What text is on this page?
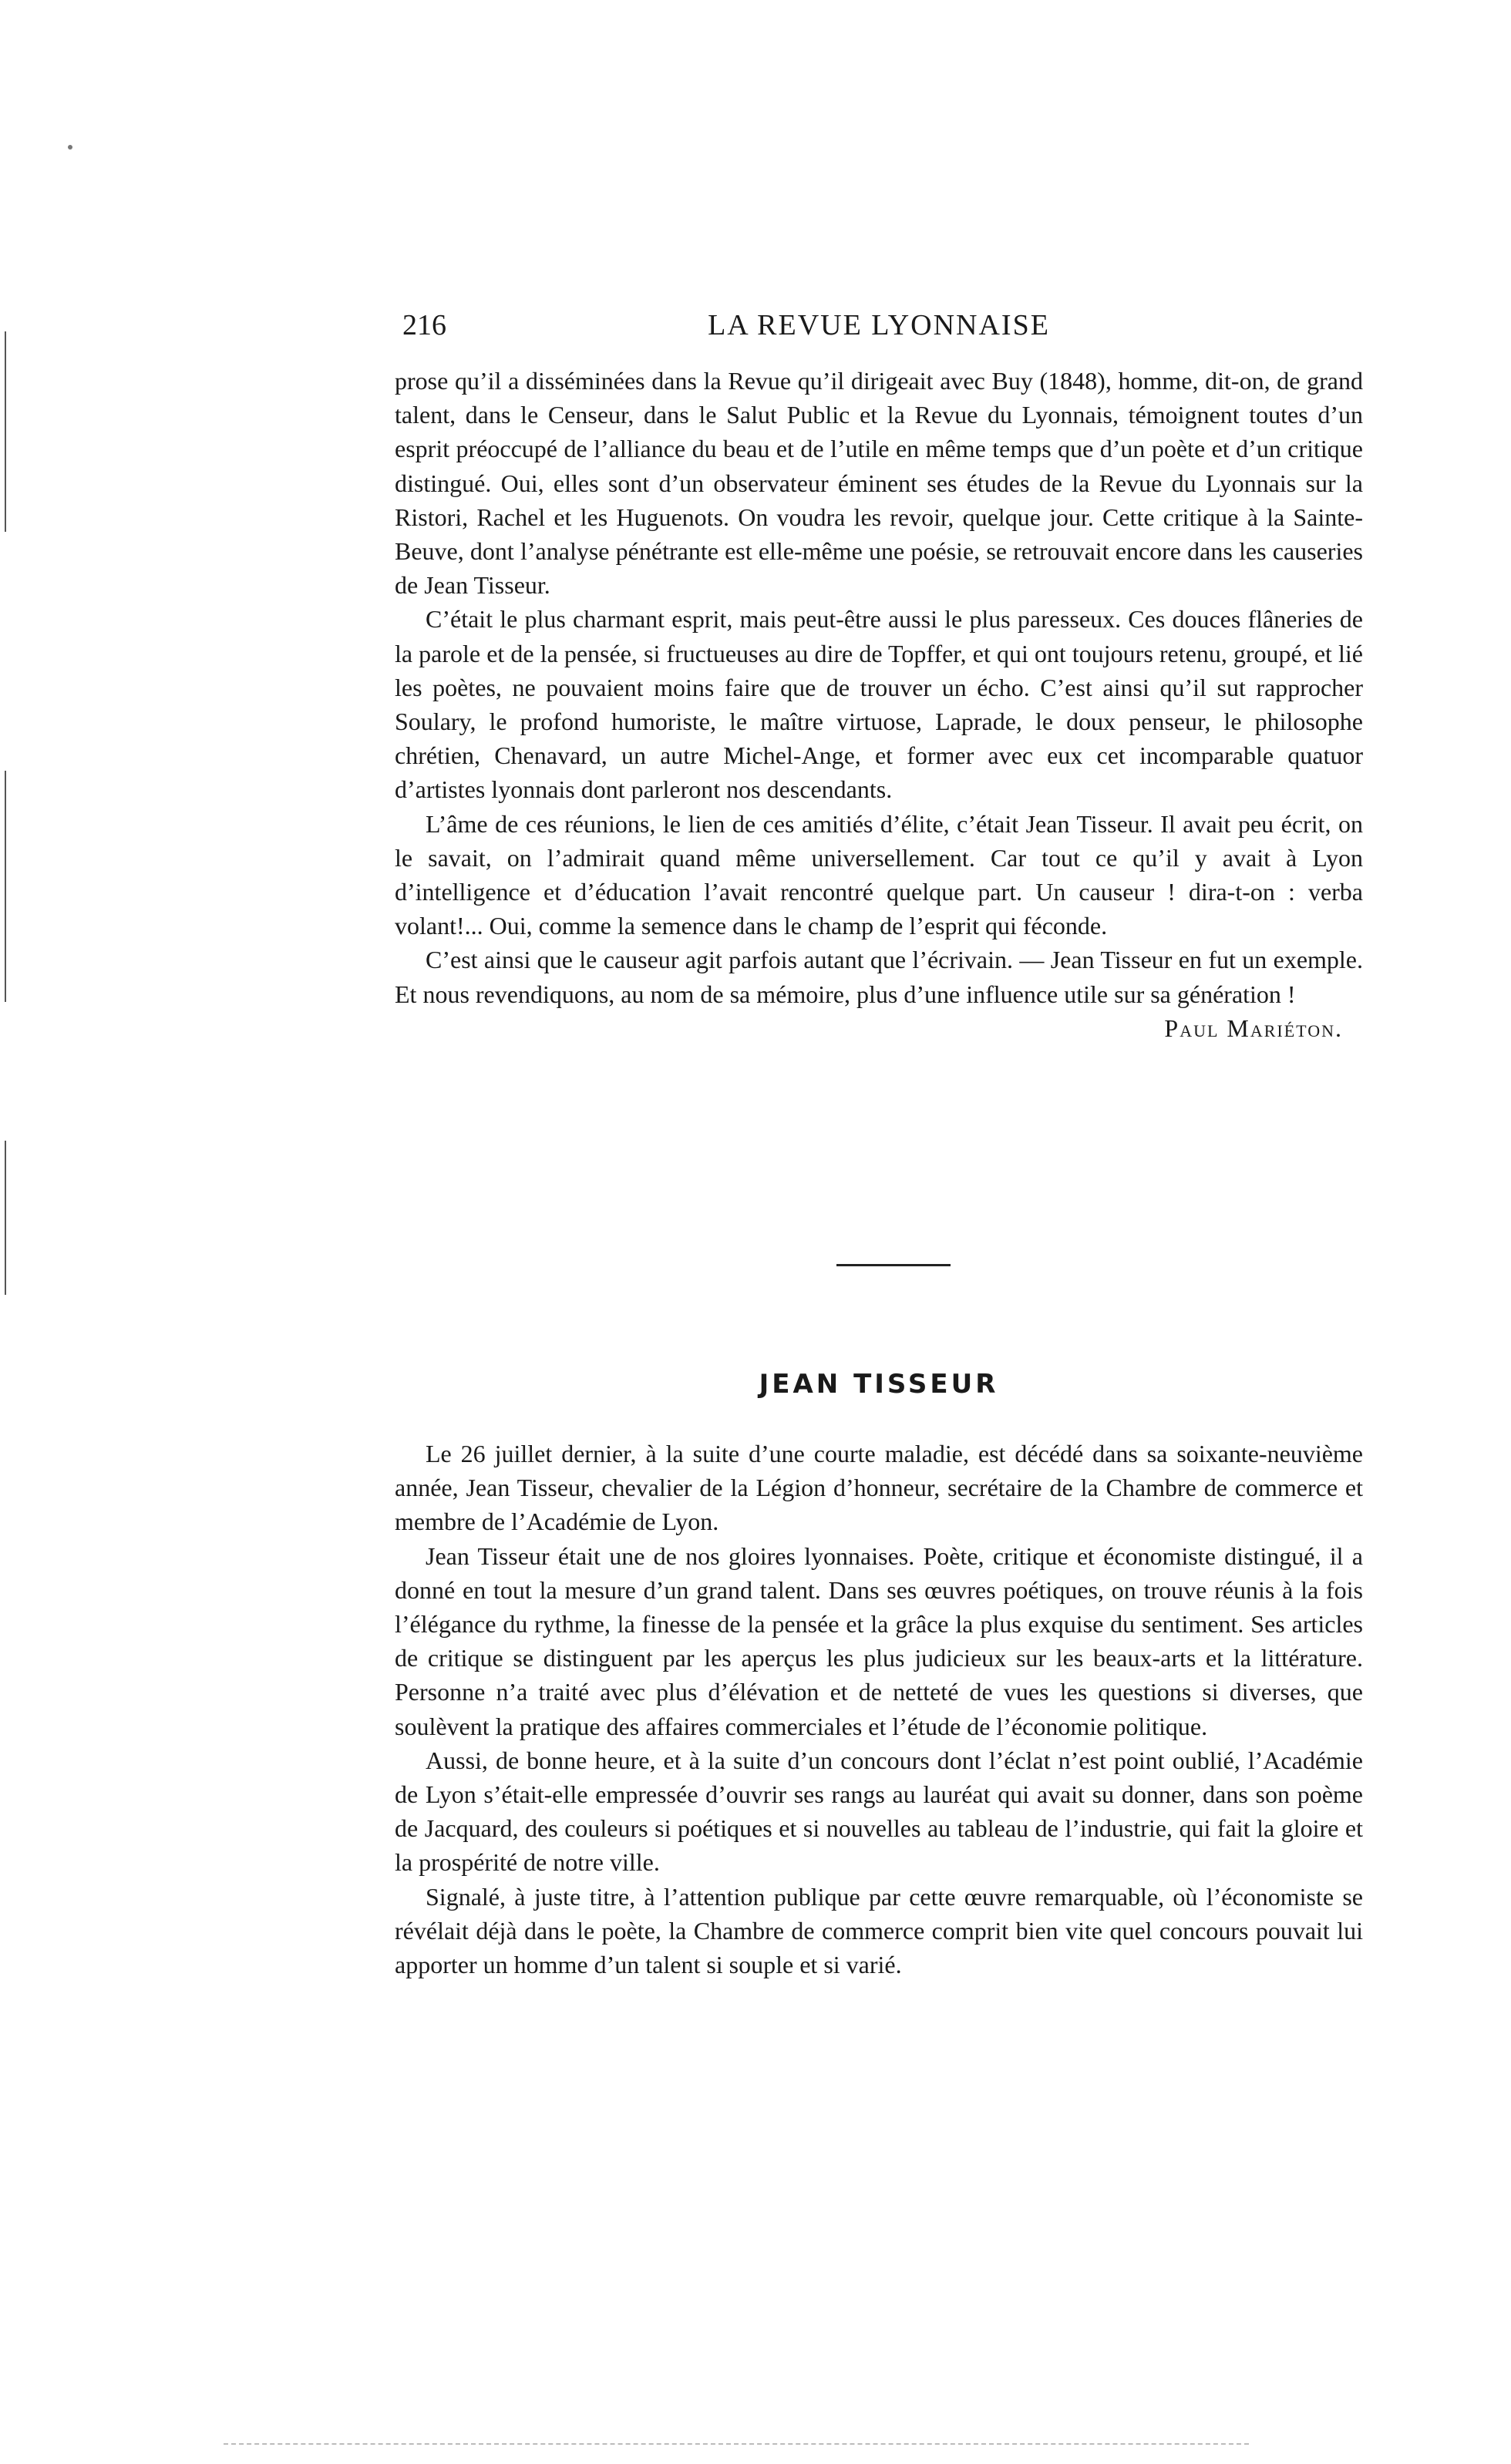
216	LA REVUE LYONNAISE

prose qu’il a disséminées dans la Revue qu’il dirigeait avec Buy (1848), homme, dit-on, de grand talent, dans le Censeur, dans le Salut Public et la Revue du Lyonnais, témoignent toutes d’un esprit préoccupé de l’alliance du beau et de l’utile en même temps que d’un poète et d’un critique distingué. Oui, elles sont d’un observateur éminent ses études de la Revue du Lyonnais sur la Ristori, Rachel et les Huguenots. On voudra les revoir, quelque jour. Cette critique à la Sainte-Beuve, dont l’analyse pénétrante est elle-même une poésie, se retrouvait encore dans les causeries de Jean Tisseur.

C’était le plus charmant esprit, mais peut-être aussi le plus paresseux. Ces douces flâneries de la parole et de la pensée, si fructueuses au dire de Topffer, et qui ont toujours retenu, groupé, et lié les poètes, ne pouvaient moins faire que de trouver un écho. C’est ainsi qu’il sut rapprocher Soulary, le profond humoriste, le maître virtuose, Laprade, le doux penseur, le philosophe chrétien, Chenavard, un autre Michel-Ange, et former avec eux cet incomparable quatuor d’artistes lyonnais dont parleront nos descendants.

L’âme de ces réunions, le lien de ces amitiés d’élite, c’était Jean Tisseur. Il avait peu écrit, on le savait, on l’admirait quand même universellement. Car tout ce qu’il y avait à Lyon d’intelligence et d’éducation l’avait rencontré quelque part. Un causeur ! dira-t-on : verba volant!... Oui, comme la semence dans le champ de l’esprit qui féconde.

C’est ainsi que le causeur agit parfois autant que l’écrivain. — Jean Tisseur en fut un exemple. Et nous revendiquons, au nom de sa mémoire, plus d’une influence utile sur sa génération !

Paul Mariéton.
JEAN TISSEUR

Le 26 juillet dernier, à la suite d’une courte maladie, est décédé dans sa soixante-neuvième année, Jean Tisseur, chevalier de la Légion d’honneur, secrétaire de la Chambre de commerce et membre de l’Académie de Lyon.

Jean Tisseur était une de nos gloires lyonnaises. Poète, critique et économiste distingué, il a donné en tout la mesure d’un grand talent. Dans ses œuvres poétiques, on trouve réunis à la fois l’élégance du rythme, la finesse de la pensée et la grâce la plus exquise du sentiment. Ses articles de critique se distinguent par les aperçus les plus judicieux sur les beaux-arts et la littérature. Personne n’a traité avec plus d’élévation et de netteté de vues les questions si diverses, que soulèvent la pratique des affaires commerciales et l’étude de l’économie politique.

Aussi, de bonne heure, et à la suite d’un concours dont l’éclat n’est point oublié, l’Académie de Lyon s’était-elle empressée d’ouvrir ses rangs au lauréat qui avait su donner, dans son poème de Jacquard, des couleurs si poétiques et si nouvelles au tableau de l’industrie, qui fait la gloire et la prospérité de notre ville.

Signalé, à juste titre, à l’attention publique par cette œuvre remarquable, où l’économiste se révélait déjà dans le poète, la Chambre de commerce comprit bien vite quel concours pouvait lui apporter un homme d’un talent si souple et si varié.
